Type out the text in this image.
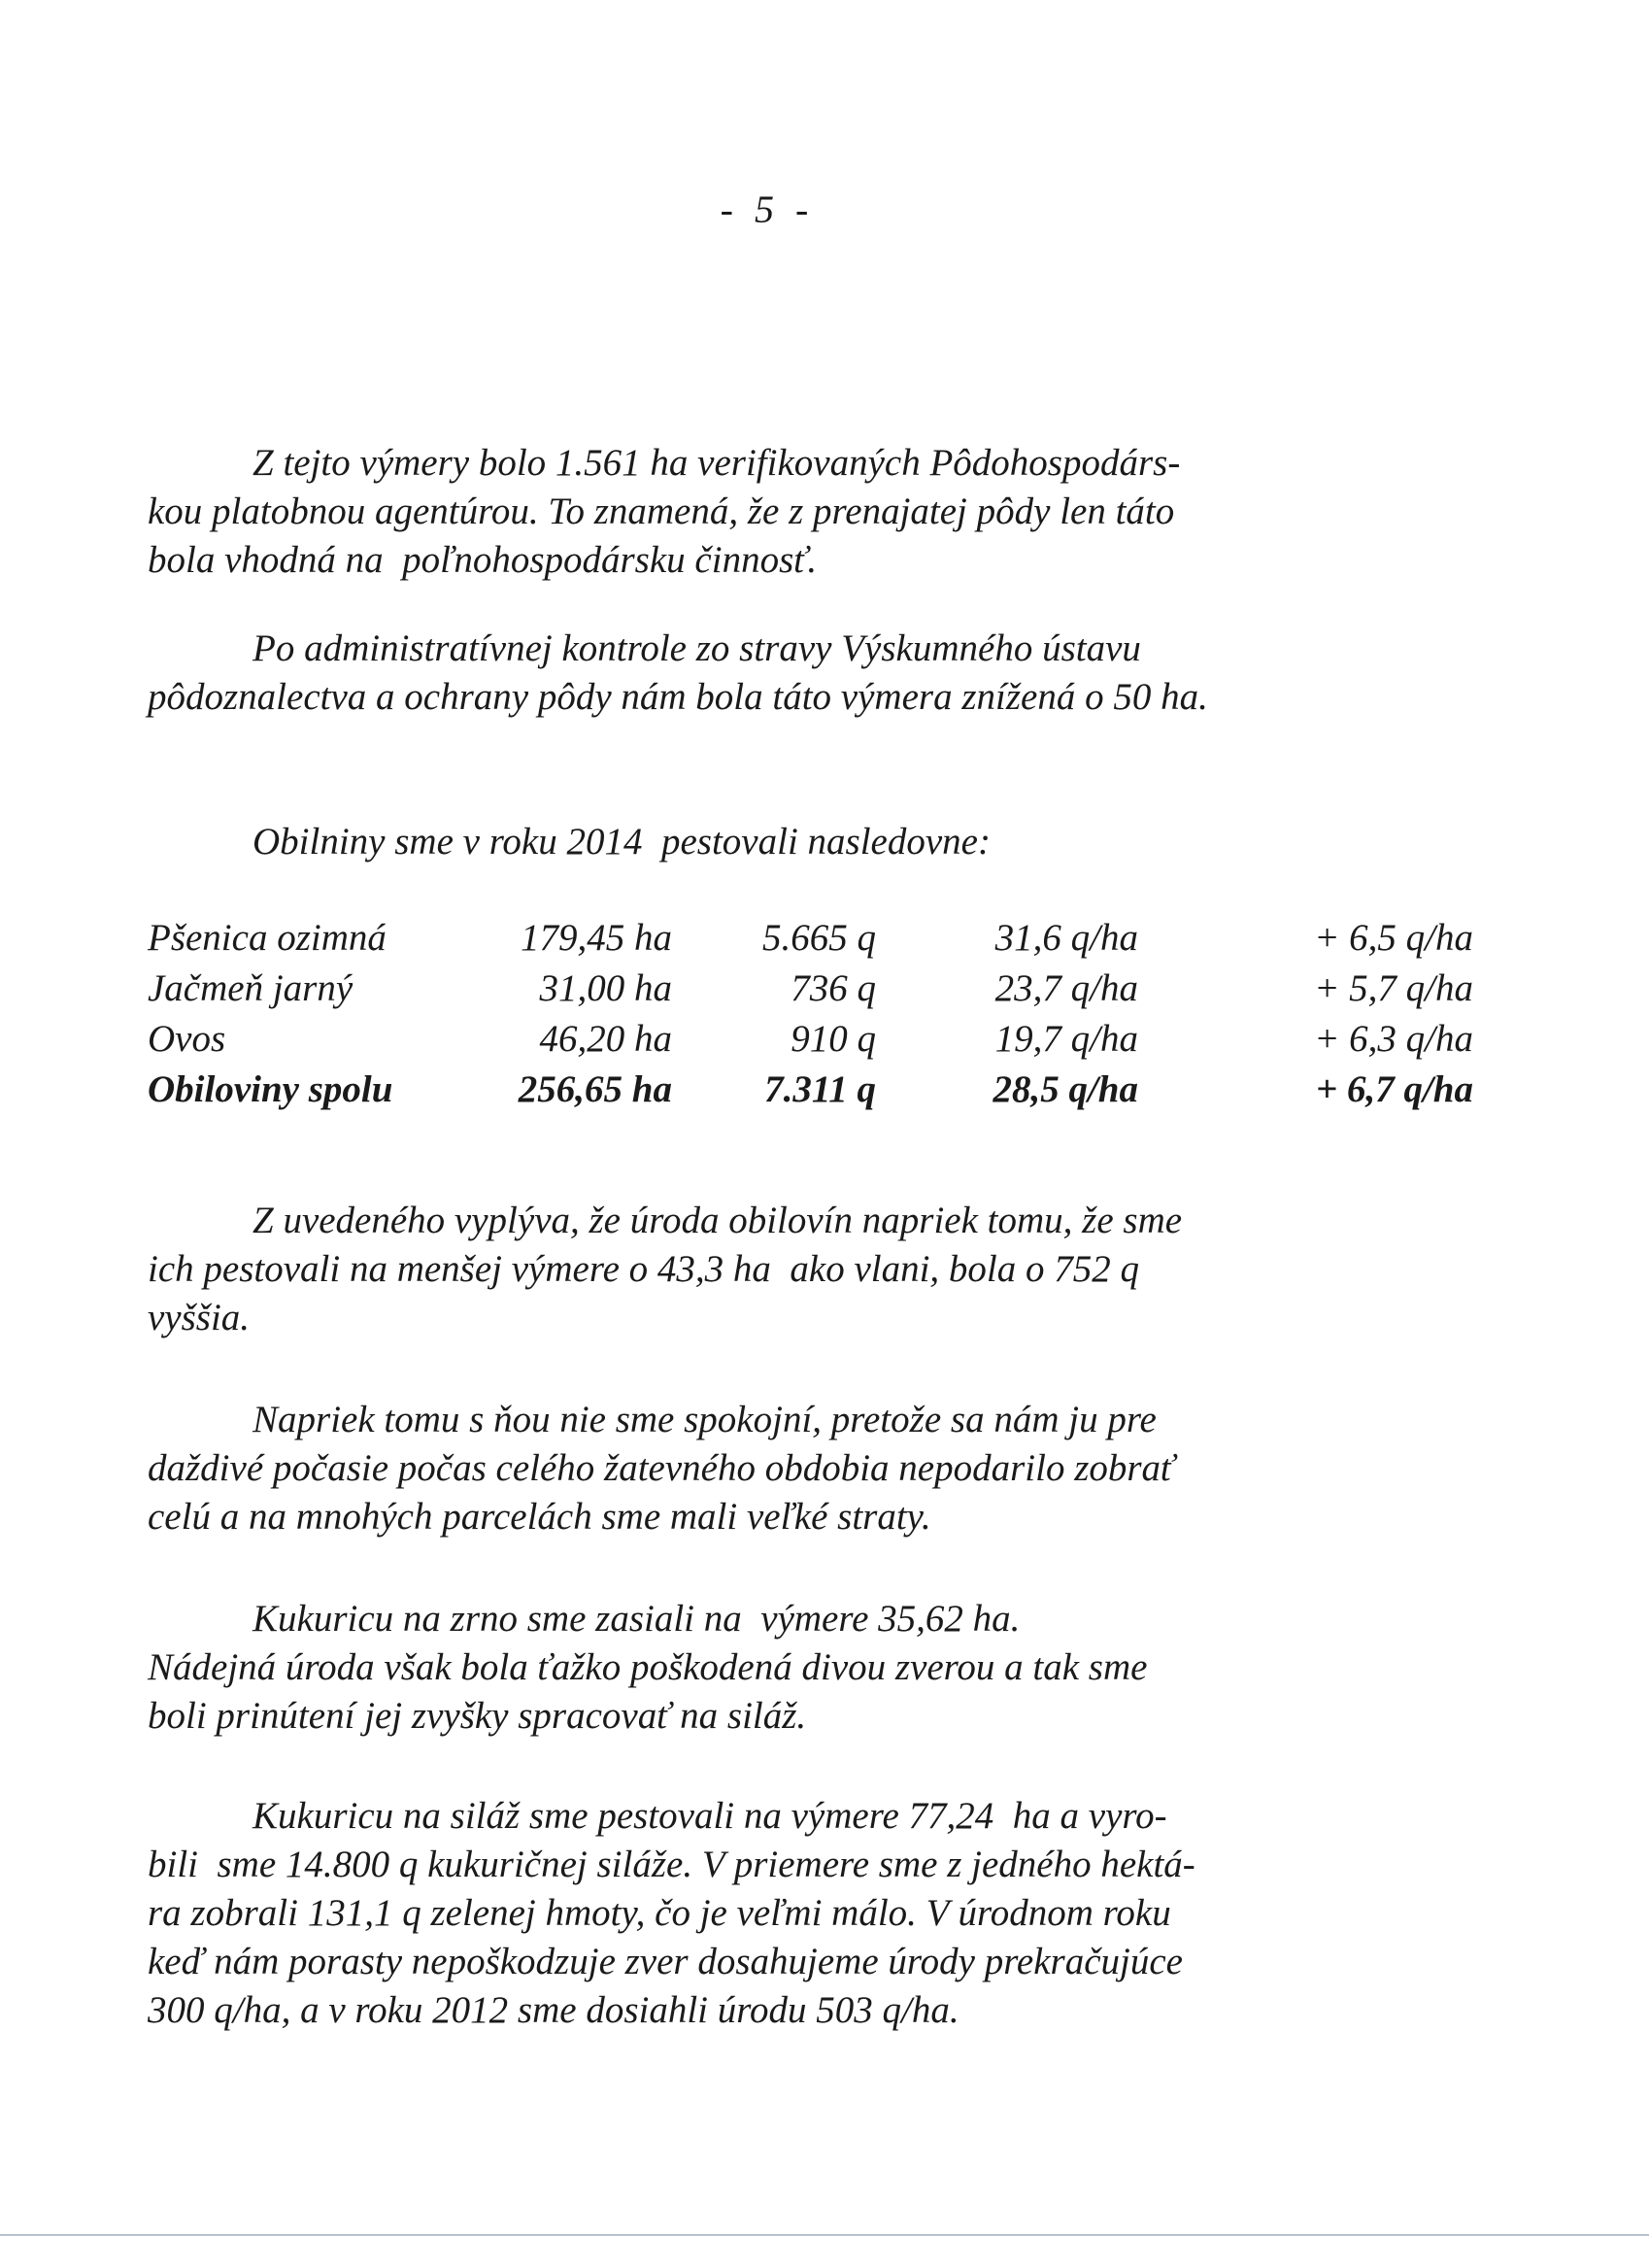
- 5 -

Z tejto výmery bolo 1.561 ha verifikovaných Pôdohospodárs-
kou platobnou agentúrou. To znamená, že z prenajatej pôdy len táto
bola vhodná na  poľnohospodársku činnosť.

Po administratívnej kontrole zo stravy Výskumného ústavu
pôdoznalectva a ochrany pôdy nám bola táto výmera znížená o 50 ha.

Obilniny sme v roku 2014  pestovali nasledovne:
Pšenica ozimná	179,45 ha	5.665 q	31,6 q/ha	+ 6,5 q/ha
Jačmeň jarný	31,00 ha	736 q	23,7 q/ha	+ 5,7 q/ha
Ovos	46,20 ha	910 q	19,7 q/ha	+ 6,3 q/ha
Obiloviny spolu	256,65 ha	7.311 q	28,5 q/ha	+ 6,7 q/ha

Z uvedeného vyplýva, že úroda obilovín napriek tomu, že sme
ich pestovali na menšej výmere o 43,3 ha  ako vlani, bola o 752 q
vyššia.

Napriek tomu s ňou nie sme spokojní, pretože sa nám ju pre
daždivé počasie počas celého žatevného obdobia nepodarilo zobrať
celú a na mnohých parcelách sme mali veľké straty.

Kukuricu na zrno sme zasiali na  výmere 35,62 ha.
Nádejná úroda však bola ťažko poškodená divou zverou a tak sme
boli prinútení jej zvyšky spracovať na siláž.

Kukuricu na siláž sme pestovali na výmere 77,24  ha a vyro-
bili  sme 14.800 q kukuričnej siláže. V priemere sme z jedného hektá-
ra zobrali 131,1 q zelenej hmoty, čo je veľmi málo. V úrodnom roku
keď nám porasty nepoškodzuje zver dosahujeme úrody prekračujúce
300 q/ha, a v roku 2012 sme dosiahli úrodu 503 q/ha.
